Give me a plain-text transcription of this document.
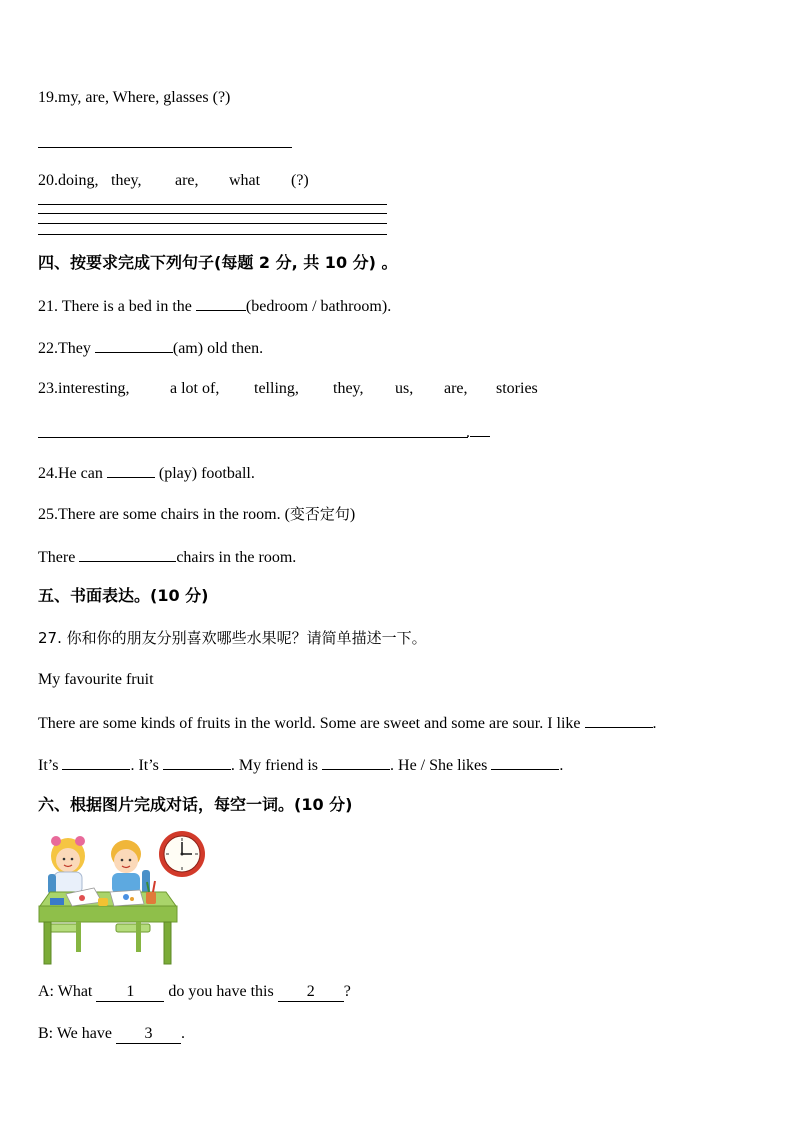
19.my, are, Where, glasses (?)
20.doing, they, are, what (?)
四、按要求完成下列句子(每题 2 分, 共 10 分) 。
21. There is a bed in the	(bedroom / bathroom).
22.They	(am) old then.
23.interesting,	a lot of, telling, they, us, are, stories
.
24.He can	(play) football.
25.There are some chairs in the room. (变否定句)
There	chairs in the room.
五、书面表达。(10 分)
27. 你和你的朋友分别喜欢哪些水果呢？请简单描述一下。
My favourite fruit
There are some kinds of fruits in the world. Some are sweet and some are sour. I like	.
It’s	. It’s	. My friend is	. He / She likes	.
六、根据图片完成对话，每空一词。(10 分)
A: What 1 do you have this 2 ?
B: We have 3 .
